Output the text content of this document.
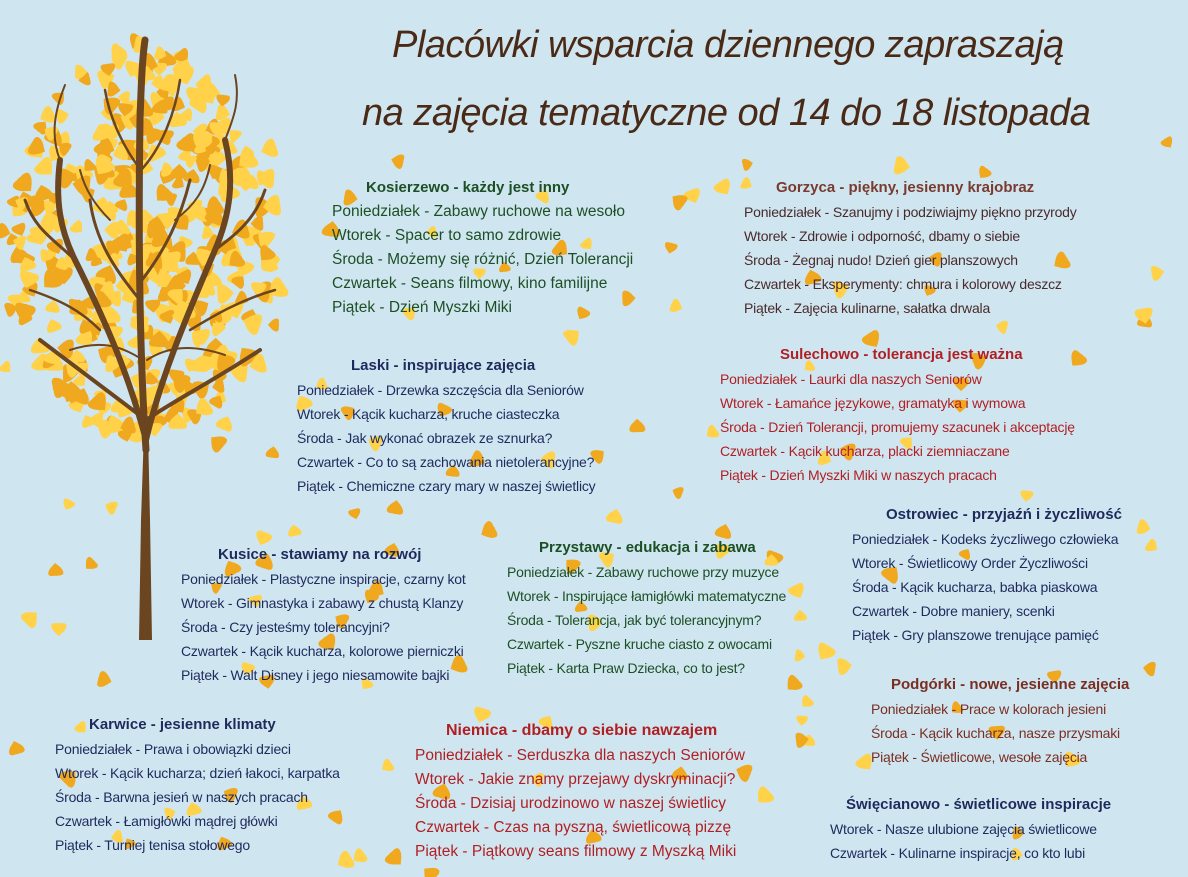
Placówki wsparcia dziennego zapraszają
na zajęcia tematyczne od 14 do 18 listopada
Kosierzewo - każdy jest inny
Poniedziałek - Zabawy ruchowe na wesoło
Wtorek - Spacer to samo zdrowie
Środa - Możemy się różnić, Dzień Tolerancji
Czwartek - Seans filmowy, kino familijne
Piątek - Dzień Myszki Miki
Gorzyca - piękny, jesienny krajobraz
Poniedziałek - Szanujmy i podziwiajmy piękno przyrody
Wtorek - Zdrowie i odporność, dbamy o siebie
Środa - Żegnaj nudo! Dzień gier planszowych
Czwartek - Eksperymenty: chmura i kolorowy deszcz
Piątek - Zajęcia kulinarne, sałatka drwala
Laski - inspirujące zajęcia
Poniedziałek - Drzewka szczęścia dla Seniorów
Wtorek - Kącik kucharza, kruche ciasteczka
Środa - Jak wykonać obrazek ze sznurka?
Czwartek - Co to są zachowania nietolerancyjne?
Piątek - Chemiczne czary mary w naszej świetlicy
Sulechowo - tolerancja jest ważna
Poniedziałek - Laurki dla naszych Seniorów
Wtorek - Łamańce językowe, gramatyka i wymowa
Środa - Dzień Tolerancji, promujemy szacunek i akceptację
Czwartek - Kącik kucharza, placki ziemniaczane
Piątek - Dzień Myszki Miki w naszych pracach
Ostrowiec - przyjaźń i życzliwość
Poniedziałek - Kodeks życzliwego człowieka
Wtorek - Świetlicowy Order Życzliwości
Środa - Kącik kucharza, babka piaskowa
Czwartek - Dobre maniery, scenki
Piątek - Gry planszowe trenujące pamięć
Kusice - stawiamy na rozwój
Poniedziałek - Plastyczne inspiracje, czarny kot
Wtorek - Gimnastyka i zabawy z chustą Klanzy
Środa - Czy jesteśmy tolerancyjni?
Czwartek - Kącik kucharza, kolorowe pierniczki
Piątek - Walt Disney i jego niesamowite bajki
Przystawy - edukacja i zabawa
Poniedziałek - Zabawy ruchowe przy muzyce
Wtorek - Inspirujące łamigłówki matematyczne
Środa - Tolerancja, jak być tolerancyjnym?
Czwartek - Pyszne kruche ciasto z owocami
Piątek - Karta Praw Dziecka, co to jest?
Podgórki - nowe, jesienne zajęcia
Poniedziałek - Prace w kolorach jesieni
Środa - Kącik kucharza, nasze przysmaki
Piątek - Świetlicowe, wesołe zajęcia
Karwice - jesienne klimaty
Poniedziałek - Prawa i obowiązki dzieci
Wtorek - Kącik kucharza; dzień łakoci, karpatka
Środa - Barwna jesień w naszych pracach
Czwartek - Łamigłówki mądrej główki
Piątek - Turniej tenisa stołowego
Niemica - dbamy o siebie nawzajem
Poniedziałek - Serduszka dla naszych Seniorów
Wtorek - Jakie znamy przejawy dyskryminacji?
Środa - Dzisiaj urodzinowo w naszej świetlicy
Czwartek - Czas na pyszną, świetlicową pizzę
Piątek - Piątkowy seans filmowy z Myszką Miki
Święcianowo - świetlicowe inspiracje
Wtorek - Nasze ulubione zajęcia świetlicowe
Czwartek - Kulinarne inspiracje, co kto lubi
